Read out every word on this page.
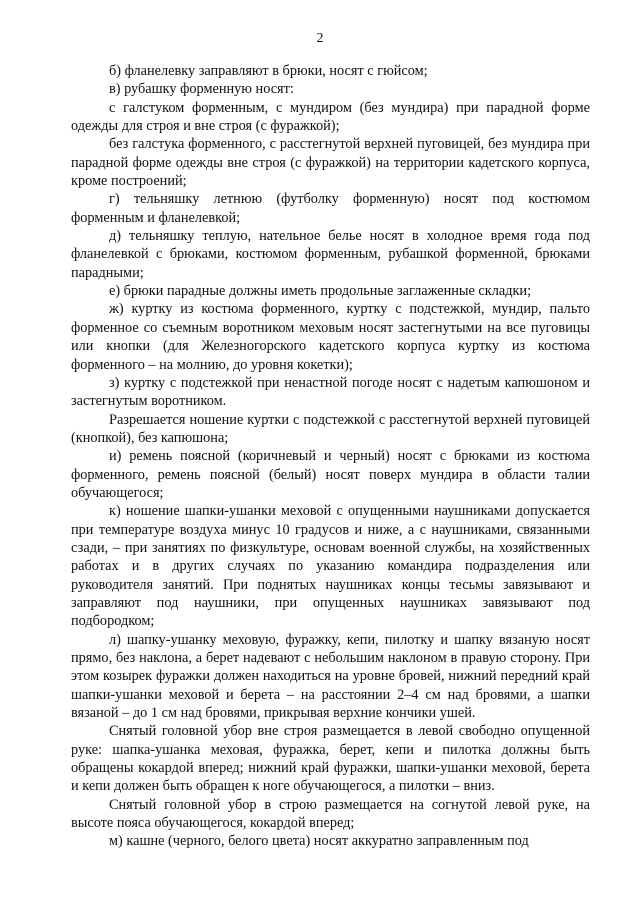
2

б) фланелевку заправляют в брюки, носят с гюйсом;

в) рубашку форменную носят:

с галстуком форменным, с мундиром (без мундира) при парадной форме одежды для строя и вне строя (с фуражкой);

без галстука форменного, с расстегнутой верхней пуговицей, без мундира при парадной форме одежды вне строя (с фуражкой) на территории кадетского корпуса, кроме построений;

г) тельняшку летнюю (футболку форменную) носят под костюмом форменным и фланелевкой;

д) тельняшку теплую, нательное белье носят в холодное время года под фланелевкой с брюками, костюмом форменным, рубашкой форменной, брюками парадными;

е) брюки парадные должны иметь продольные заглаженные складки;

ж) куртку из костюма форменного, куртку с подстежкой, мундир, пальто форменное со съемным воротником меховым носят застегнутыми на все пуговицы или кнопки (для Железногорского кадетского корпуса куртку из костюма форменного – на молнию, до уровня кокетки);

з) куртку с подстежкой при ненастной погоде носят с надетым капюшоном и застегнутым воротником.

Разрешается ношение куртки с подстежкой с расстегнутой верхней пуговицей (кнопкой), без капюшона;

и) ремень поясной (коричневый и черный) носят с брюками из костюма форменного, ремень поясной (белый) носят поверх мундира в области талии обучающегося;

к) ношение шапки-ушанки меховой с опущенными наушниками допускается при температуре воздуха минус 10 градусов и ниже, а с наушниками, связанными сзади, – при занятиях по физкультуре, основам военной службы, на хозяйственных работах и в других случаях по указанию командира подразделения или руководителя занятий. При поднятых наушниках концы тесьмы завязывают и заправляют под наушники, при опущенных наушниках завязывают под подбородком;

л) шапку-ушанку меховую, фуражку, кепи, пилотку и шапку вязаную носят прямо, без наклона, а берет надевают с небольшим наклоном в правую сторону. При этом козырек фуражки должен находиться на уровне бровей, нижний передний край шапки-ушанки меховой и берета – на расстоянии 2–4 см над бровями, а шапки вязаной – до 1 см над бровями, прикрывая верхние кончики ушей.

Снятый головной убор вне строя размещается в левой свободно опущенной руке: шапка-ушанка меховая, фуражка, берет, кепи и пилотка должны быть обращены кокардой вперед; нижний край фуражки, шапки-ушанки меховой, берета и кепи должен быть обращен к ноге обучающегося, а пилотки – вниз.

Снятый головной убор в строю размещается на согнутой левой руке, на высоте пояса обучающегося, кокардой вперед;

м) кашне (черного, белого цвета) носят аккуратно заправленным под
